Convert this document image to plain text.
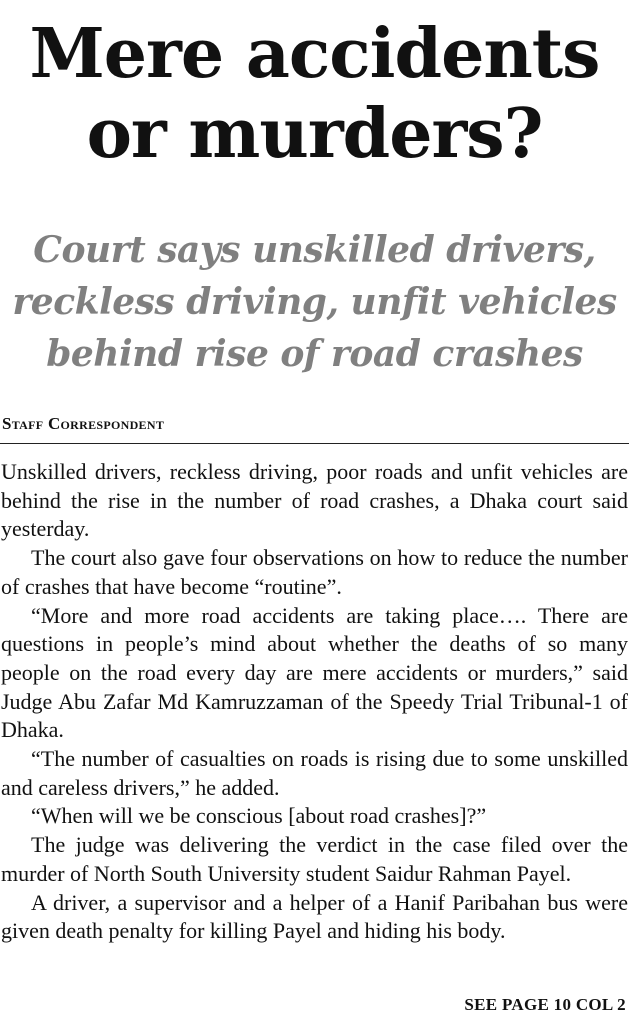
Mere accidents
or murders?
Court says unskilled drivers,
reckless driving, unfit vehicles
behind rise of road crashes
Staff Correspondent

Unskilled drivers, reckless driving, poor roads and unfit vehicles are behind the rise in the number of road crashes, a Dhaka court said yesterday.

The court also gave four observations on how to reduce the number of crashes that have become “routine”.

“More and more road accidents are taking place…. There are questions in people’s mind about whether the deaths of so many people on the road every day are mere accidents or murders,” said Judge Abu Zafar Md Kamruzzaman of the Speedy Trial Tribunal-1 of Dhaka.

“The number of casualties on roads is rising due to some unskilled and careless drivers,” he added.

“When will we be conscious [about road crashes]?”

The judge was delivering the verdict in the case filed over the murder of North South University student Saidur Rahman Payel.

A driver, a supervisor and a helper of a Hanif Paribahan bus were given death penalty for killing Payel and hiding his body.

SEE PAGE 10 COL 2
